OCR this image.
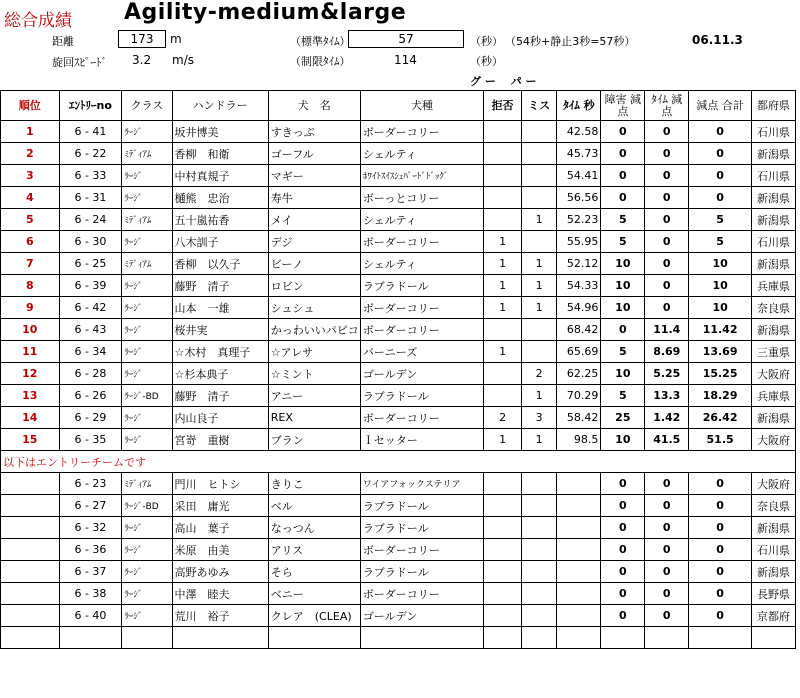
総合成績 Agility-medium&large
距離	173	m
旋回ｽﾋﾟｰﾄﾞ 3.2 m/s
（標準ﾀｲﾑ）	57	（秒） （54秒+静止3秒=57秒）	06.11.3
（制限ﾀｲﾑ）	114	（秒）
グ ー　 パ ー
順位	ｴﾝﾄﾘｰno	クラス	ハンドラー	犬　名	犬種	拒否	ミス	ﾀｲﾑ 秒	障害 減点	ﾀｲﾑ 減点	減点 合計	都府県
1	6 - 41	ﾗｰｼﾞ	坂井博美	すきっぷ	ボーダーコリー			42.58	0	0	0	石川県
2	6 - 22	ﾐﾃﾞｨｱﾑ	香柳　和衛	ゴーフル	シェルティ			45.73	0	0	0	新潟県
3	6 - 33	ﾗｰｼﾞ	中村真規子	マギー	ﾎﾜｲﾄｽｲｽｼｪﾊﾟｰﾄﾞﾄﾞｯｸﾞ			54.41	0	0	0	石川県
4	6 - 31	ﾗｰｼﾞ	樋熊　忠治	寿牛	ボーっとコリー			56.56	0	0	0	新潟県
5	6 - 24	ﾐﾃﾞｨｱﾑ	五十嵐祐香	メイ	シェルティ		1	52.23	5	0	5	新潟県
6	6 - 30	ﾗｰｼﾞ	八木訓子	デジ	ボーダーコリー	1		55.95	5	0	5	石川県
7	6 - 25	ﾐﾃﾞｨｱﾑ	香柳　以久子	ビーノ	シェルティ	1	1	52.12	10	0	10	新潟県
8	6 - 39	ﾗｰｼﾞ	藤野　清子	ロビン	ラブラドール	1	1	54.33	10	0	10	兵庫県
9	6 - 42	ﾗｰｼﾞ	山本　一雄	シュシュ	ボーダーコリー	1	1	54.96	10	0	10	奈良県
10	6 - 43	ﾗｰｼﾞ	桜井実	かっわいいパピコ	ボーダーコリー			68.42	0	11.4	11.42	新潟県
11	6 - 34	ﾗｰｼﾞ	☆木村　真理子	☆アレサ	バーニーズ	1		65.69	5	8.69	13.69	三重県
12	6 - 28	ﾗｰｼﾞ	☆杉本典子	☆ミント	ゴールデン		2	62.25	10	5.25	15.25	大阪府
13	6 - 26	ﾗｰｼﾞ-BD	藤野　清子	アニー	ラブラドール		1	70.29	5	13.3	18.29	兵庫県
14	6 - 29	ﾗｰｼﾞ	内山良子	REX	ボーダーコリー	2	3	58.42	25	1.42	26.42	新潟県
15	6 - 35	ﾗｰｼﾞ	宮嵜　重樹	ブラン	Ｉセッター	1	1	98.5	10	41.5	51.5	大阪府
以下はエントリーチームです												
	6 - 23	ﾐﾃﾞｨｱﾑ	門川　ヒトシ	きりこ	ワイアフォックステリア				0	0	0	大阪府
	6 - 27	ﾗｰｼﾞ-BD	采田　庸光	ベル	ラブラドール				0	0	0	奈良県
	6 - 32	ﾗｰｼﾞ	高山　葉子	なっつん	ラブラドール				0	0	0	新潟県
	6 - 36	ﾗｰｼﾞ	米原　由美	アリス	ボーダーコリー				0	0	0	石川県
	6 - 37	ﾗｰｼﾞ	高野あゆみ	そら	ラブラドール				0	0	0	新潟県
	6 - 38	ﾗｰｼﾞ	中澤　睦夫	ベニー	ボーダーコリー				0	0	0	長野県
	6 - 40	ﾗｰｼﾞ	荒川　裕子	クレア　(CLEA)	ゴールデン				0	0	0	京都府
